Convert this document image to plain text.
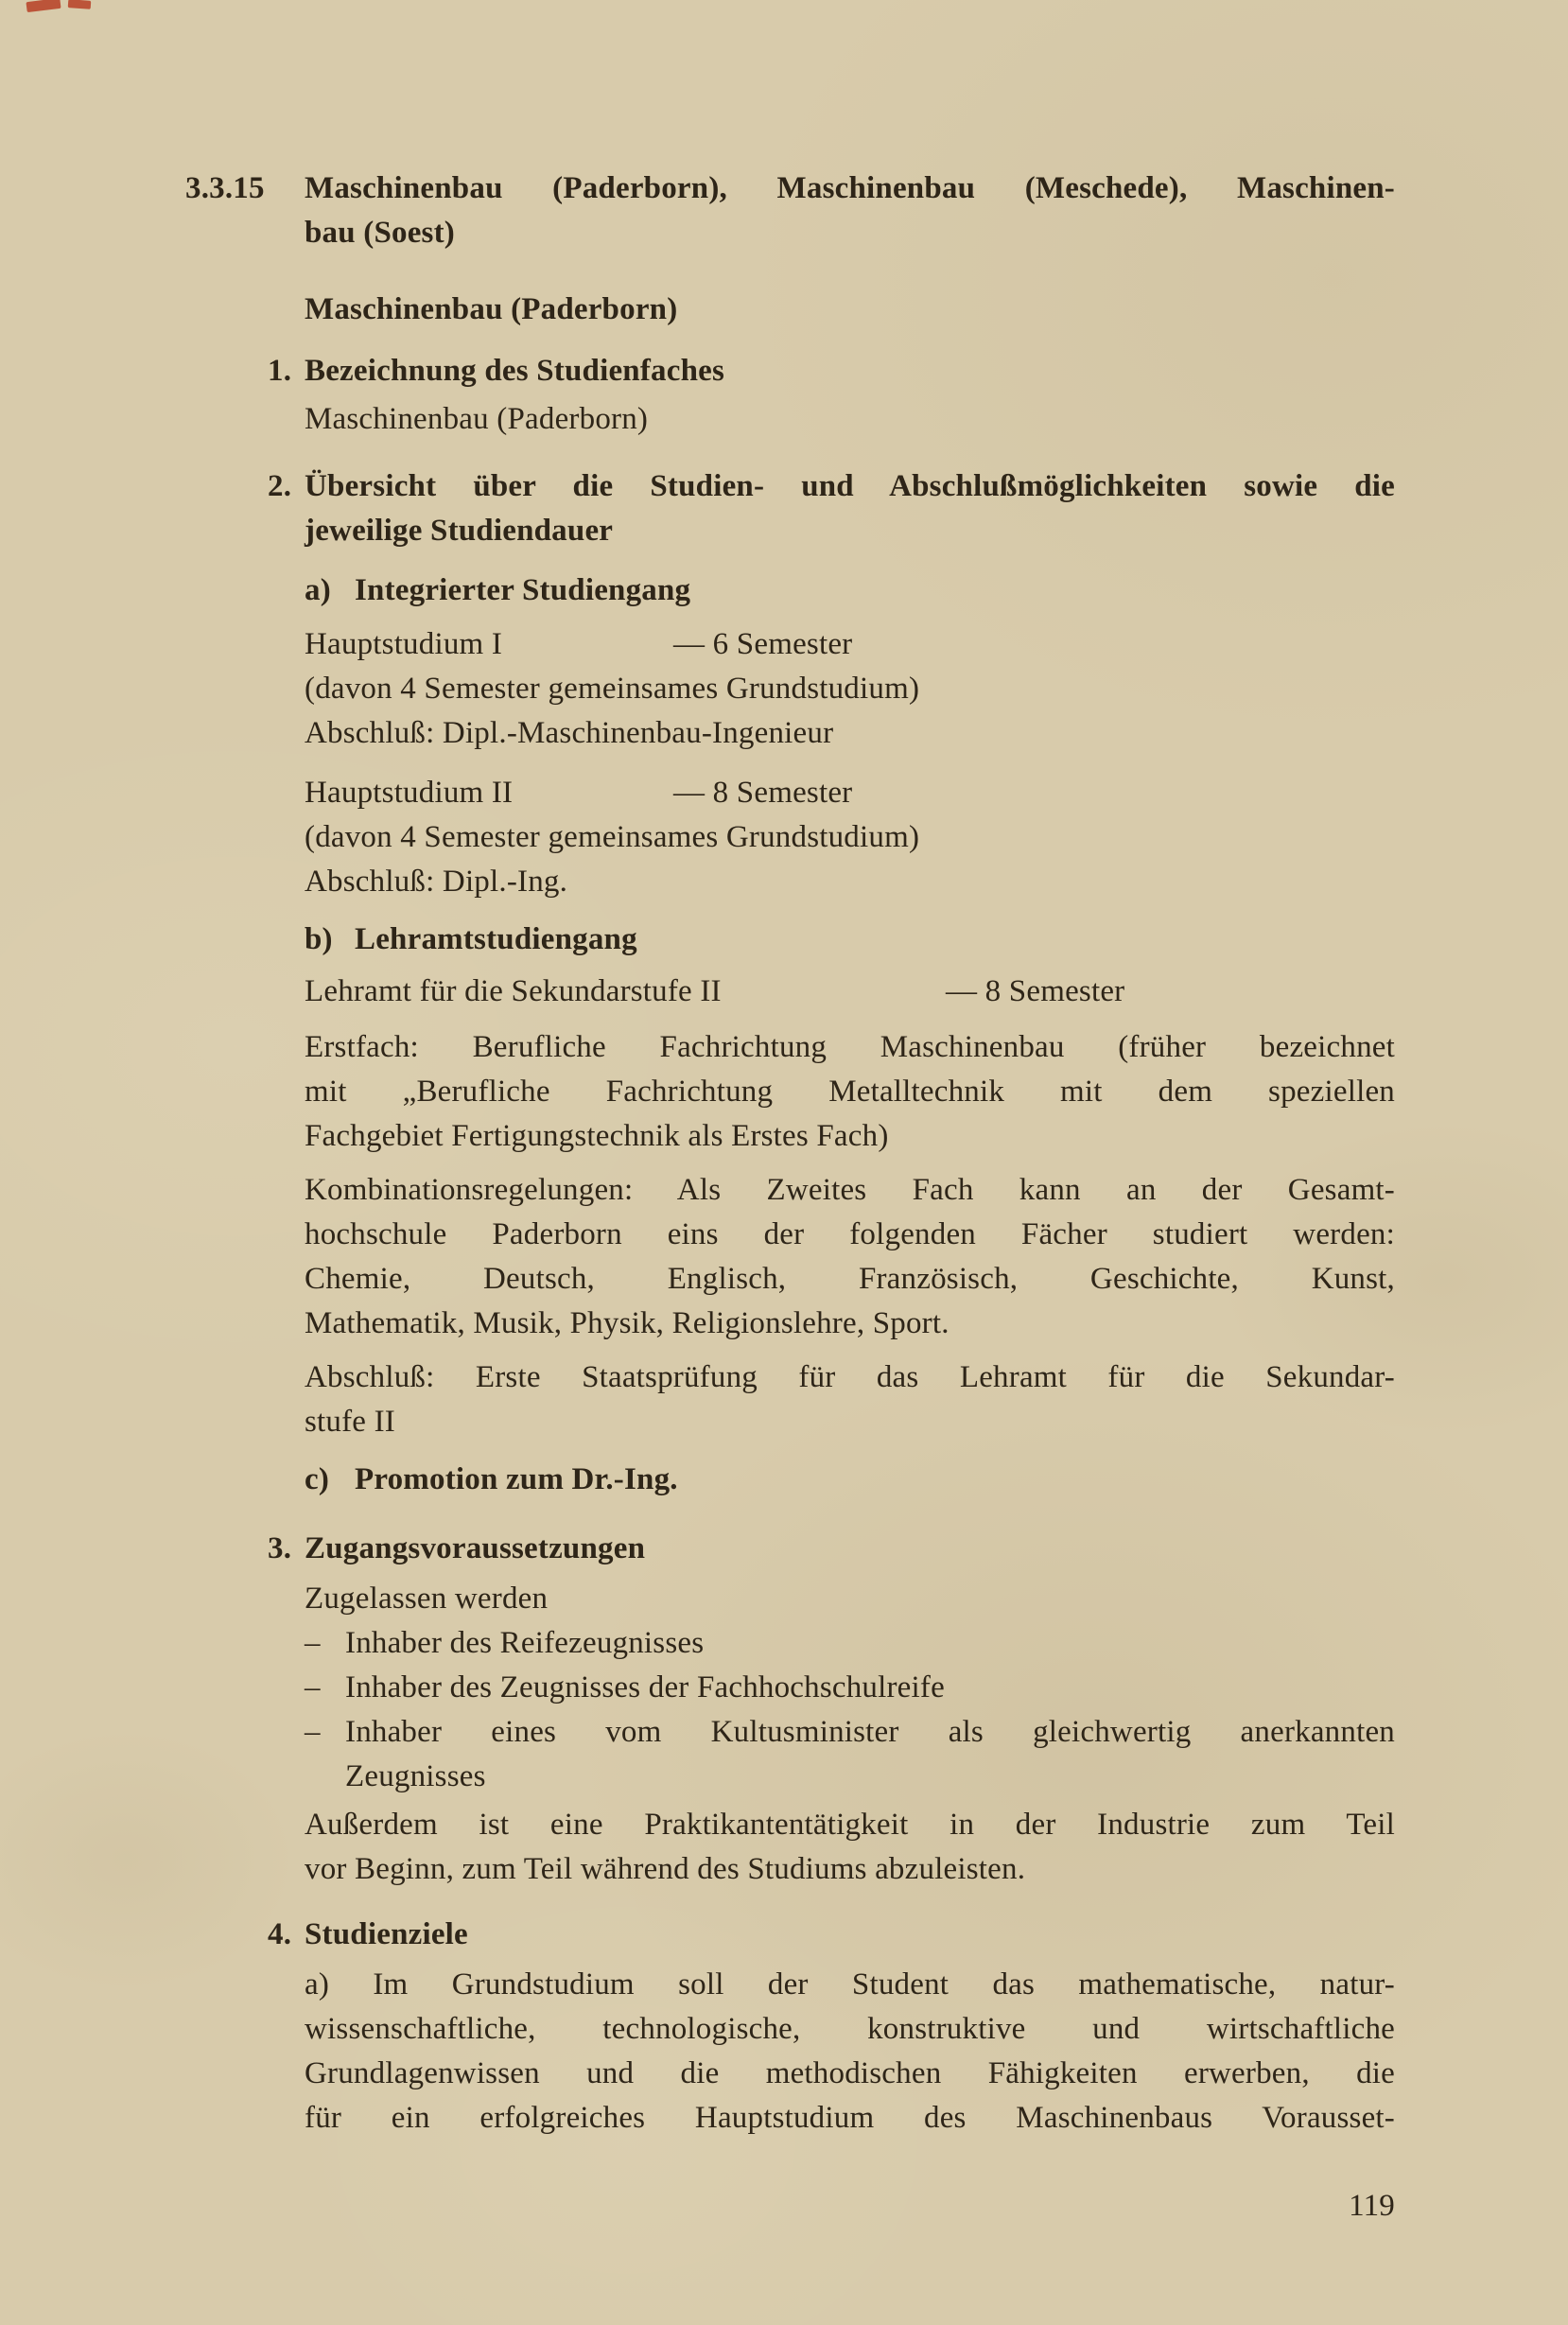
3.3.15	Maschinenbau (Paderborn), Maschinenbau (Meschede), Maschinen-
bau (Soest)
Maschinenbau (Paderborn)
1. Bezeichnung des Studienfaches
Maschinenbau (Paderborn)
2. Übersicht über die Studien- und Abschlußmöglichkeiten sowie die
jeweilige Studiendauer
a) Integrierter Studiengang
Hauptstudium I	— 6 Semester
(davon 4 Semester gemeinsames Grundstudium)
Abschluß: Dipl.-Maschinenbau-Ingenieur
Hauptstudium II	— 8 Semester
(davon 4 Semester gemeinsames Grundstudium)
Abschluß: Dipl.-Ing.
b) Lehramtstudiengang
Lehramt für die Sekundarstufe II	— 8 Semester
Erstfach: Berufliche Fachrichtung Maschinenbau (früher bezeichnet
mit „Berufliche Fachrichtung Metalltechnik mit dem speziellen
Fachgebiet Fertigungstechnik als Erstes Fach)
Kombinationsregelungen: Als Zweites Fach kann an der Gesamt-
hochschule Paderborn eins der folgenden Fächer studiert werden:
Chemie, Deutsch, Englisch, Französisch, Geschichte, Kunst,
Mathematik, Musik, Physik, Religionslehre, Sport.
Abschluß: Erste Staatsprüfung für das Lehramt für die Sekundar-
stufe II
c) Promotion zum Dr.-Ing.
3. Zugangsvoraussetzungen
Zugelassen werden
– Inhaber des Reifezeugnisses
– Inhaber des Zeugnisses der Fachhochschulreife
– Inhaber eines vom Kultusminister als gleichwertig anerkannten
Zeugnisses
Außerdem ist eine Praktikantentätigkeit in der Industrie zum Teil
vor Beginn, zum Teil während des Studiums abzuleisten.
4. Studienziele
a) Im Grundstudium soll der Student das mathematische, natur-
wissenschaftliche, technologische, konstruktive und wirtschaftliche
Grundlagenwissen und die methodischen Fähigkeiten erwerben, die
für ein erfolgreiches Hauptstudium des Maschinenbaus Vorausset-
119
